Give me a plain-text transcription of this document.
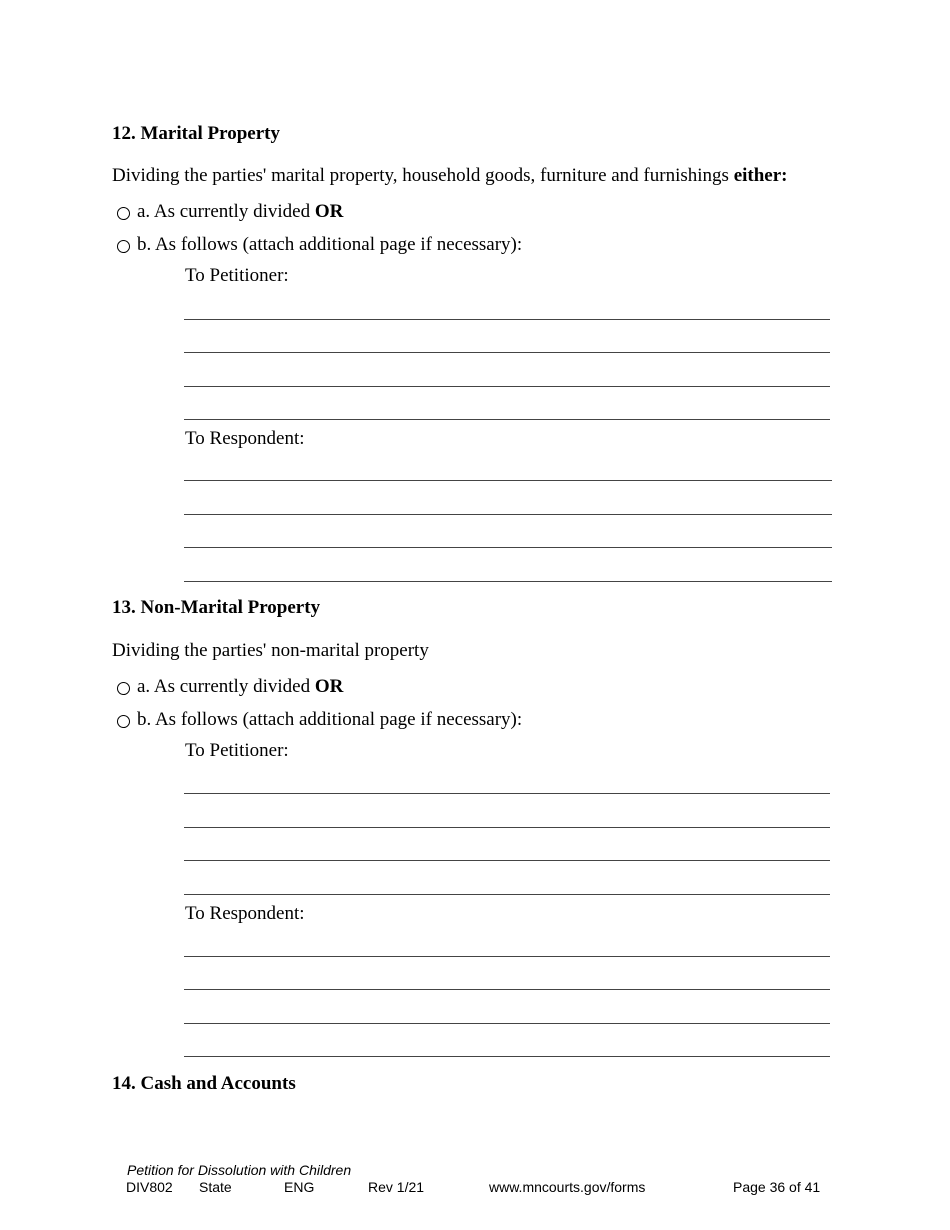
12. Marital Property
Dividing the parties' marital property, household goods, furniture and furnishings either:
a. As currently divided
OR
b. As follows (attach additional page if necessary):
To Petitioner:
To Respondent:
13. Non-Marital Property
Dividing the parties' non-marital property
a. As currently divided
OR
b. As follows (attach additional page if necessary):
To Petitioner:
To Respondent:
14. Cash and Accounts
Petition for Dissolution with Children
DIV802 State	ENG	Rev 1/21	www.mncourts.gov/forms	Page 36 of 41
